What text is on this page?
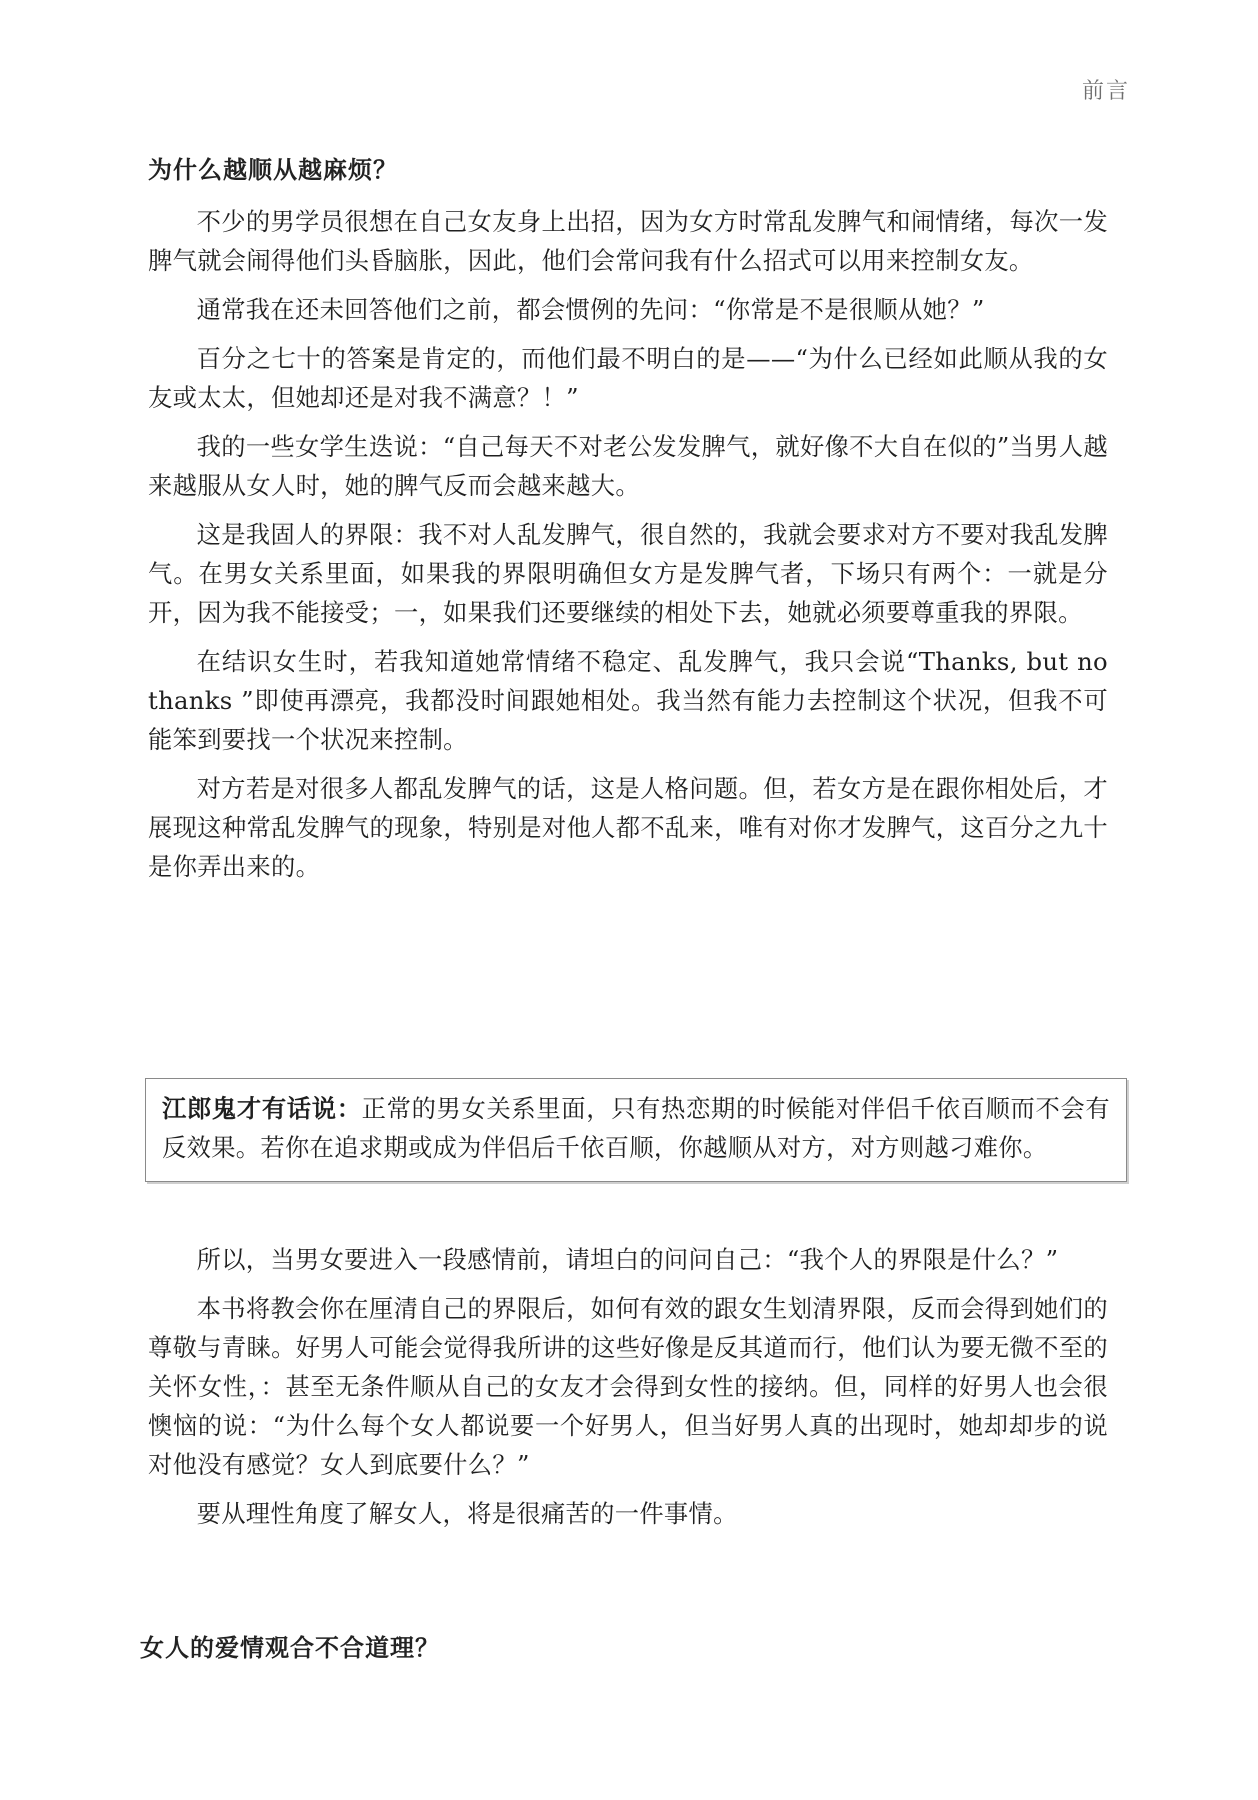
前言
为什么越顺从越麻烦？

不少的男学员很想在自己女友身上出招，因为女方时常乱发脾气和闹情绪，每次一发脾气就会闹得他们头昏脑胀，因此，他们会常问我有什么招式可以用来控制女友。

通常我在还未回答他们之前，都会惯例的先问：“你常是不是很顺从她？”

百分之七十的答案是肯定的，而他们最不明白的是——“为什么已经如此顺从我的女友或太太，但她却还是对我不满意？！”

我的一些女学生迭说：“自己每天不对老公发发脾气，就好像不大自在似的”当男人越来越服从女人时，她的脾气反而会越来越大。

这是我固人的界限：我不对人乱发脾气，很自然的，我就会要求对方不要对我乱发脾气。在男女关系里面，如果我的界限明确但女方是发脾气者，下场只有两个：一就是分开，因为我不能接受；一，如果我们还要继续的相处下去，她就必须要尊重我的界限。

在结识女生时，若我知道她常情绪不稳定、乱发脾气，我只会说“Thanks, but no thanks ”即使再漂亮，我都没时间跟她相处。我当然有能力去控制这个状况，但我不可能笨到要找一个状况来控制。

对方若是对很多人都乱发脾气的话，这是人格问题。但，若女方是在跟你相处后，才展现这种常乱发脾气的现象，特别是对他人都不乱来，唯有对你才发脾气，这百分之九十是你弄出来的。

江郎鬼才有话说：正常的男女关系里面，只有热恋期的时候能对伴侣千依百顺而不会有反效果。若你在追求期或成为伴侣后千依百顺，你越顺从对方，对方则越刁难你。

所以，当男女要进入一段感情前，请坦白的问问自己：“我个人的界限是什么？”

本书将教会你在厘清自己的界限后，如何有效的跟女生划清界限，反而会得到她们的尊敬与青睐。好男人可能会觉得我所讲的这些好像是反其道而行，他们认为要无微不至的关怀女性，：甚至无条件顺从自己的女友才会得到女性的接纳。但，同样的好男人也会很懊恼的说：“为什么每个女人都说要一个好男人，但当好男人真的出现时，她却却步的说对他没有感觉？女人到底要什么？”

要从理性角度了解女人，将是很痛苦的一件事情。

女人的爱情观合不合道理？
